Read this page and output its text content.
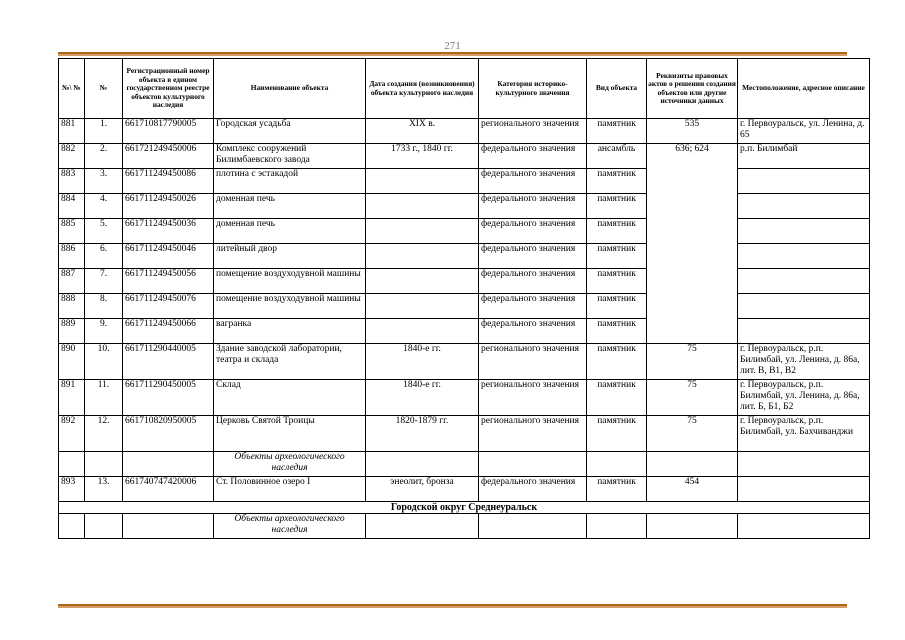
271
№\ №	№	Регистрационный номер объекта в едином государственном реестре объектов культурного наследия	Наименование объекта	Дата создания (возникновения) объекта культурного наследия	Категория историко-культурного значения	Вид объекта	Реквизиты правовых актов о решении создания объектов или другие источники данных	Местоположение, адресное описание
881	1.	661710817790005	Городская усадьба	XIX в.	регионального значения	памятник	535	г. Первоуральск, ул. Ленина, д. 65
882	2.	661721249450006	Комплекс сооружений Билимбаевского завода	1733 г., 1840 гг.	федерального значения	ансамбль	636; 624	р.п. Билимбай
883	3.	661711249450086	плотина с эстакадой		федерального значения	памятник		
884	4.	661711249450026	доменная печь		федерального значения	памятник		
885	5.	661711249450036	доменная печь		федерального значения	памятник		
886	6.	661711249450046	литейный двор		федерального значения	памятник		
887	7.	661711249450056	помещение воздуходувной машины		федерального значения	памятник		
888	8.	661711249450076	помещение воздуходувной машины		федерального значения	памятник		
889	9.	661711249450066	вагранка		федерального значения	памятник		
890	10.	661711290440005	Здание заводской лаборатории, театра и склада	1840-е гг.	регионального значения	памятник	75	г. Первоуральск, р.п. Билимбай, ул. Ленина, д. 86а, лит. В, В1, В2
891	11.	661711290450005	Склад	1840-е гг.	регионального значения	памятник	75	г. Первоуральск, р.п. Билимбай, ул. Ленина, д. 86а, лит. Б, Б1, Б2
892	12.	661710820950005	Церковь Святой Троицы	1820-1879 гг.	регионального значения	памятник	75	г. Первоуральск, р.п. Билимбай, ул. Бахчиванджи
			Объекты археологического наследия					
893	13.	661740747420006	Ст. Половинное озеро I	энеолит, бронза	федерального значения	памятник	454	
Городской округ Среднеуральск								
			Объекты археологического наследия					
